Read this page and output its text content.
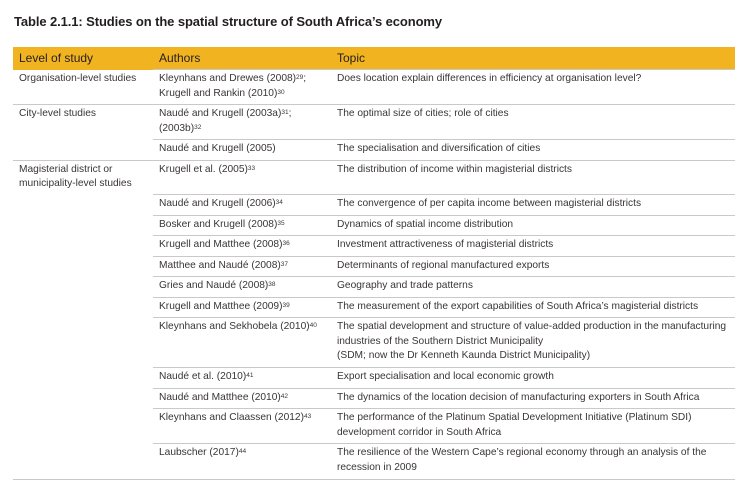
Table 2.1.1: Studies on the spatial structure of South Africa’s economy
Level of study	Authors	Topic
Organisation-level studies	Kleynhans and Drewes $(2008)^{29}$; Krugell and Rankin $(2010)^{30}$	Does location explain differences in efficiency at organisation level?

City-level studies	Naudé and Krugell $(2003a)^{31}$; $(2003b)^{32}$	The optimal size of cities; role of cities

	Naudé and Krugell (2005)	The specialisation and diversification of cities

Magisterial district or municipality-level studies	Krugell et al. $(2005)^{33}$	The distribution of income within magisterial districts

	Naudé and Krugell $(2006)^{34}$	The convergence of per capita income between magisterial districts

	Bosker and Krugell $(2008)^{35}$	Dynamics of spatial income distribution

	Krugell and Matthee $(2008)^{36}$	Investment attractiveness of magisterial districts

	Matthee and Naudé $(2008)^{37}$	Determinants of regional manufactured exports

	Gries and Naudé $(2008)^{38}$	Geography and trade patterns

	Krugell and Matthee $(2009)^{39}$	The measurement of the export capabilities of South Africa’s magisterial districts

	Kleynhans and Sekhobela $(2010)^{40}$	The spatial development and structure of value-added production in the manufacturing industries of the Southern District Municipality
(SDM; now the Dr Kenneth Kaunda District Municipality)

	Naudé et al. $(2010)^{41}$	Export specialisation and local economic growth

	Naudé and Matthee $(2010)^{42}$	The dynamics of the location decision of manufacturing exporters in South Africa

	Kleynhans and Claassen $(2012)^{43}$	The performance of the Platinum Spatial Development Initiative (Platinum SDI) development corridor in South Africa

	Laubscher $(2017)^{44}$	The resilience of the Western Cape’s regional economy through an analysis of the recession in 2009
